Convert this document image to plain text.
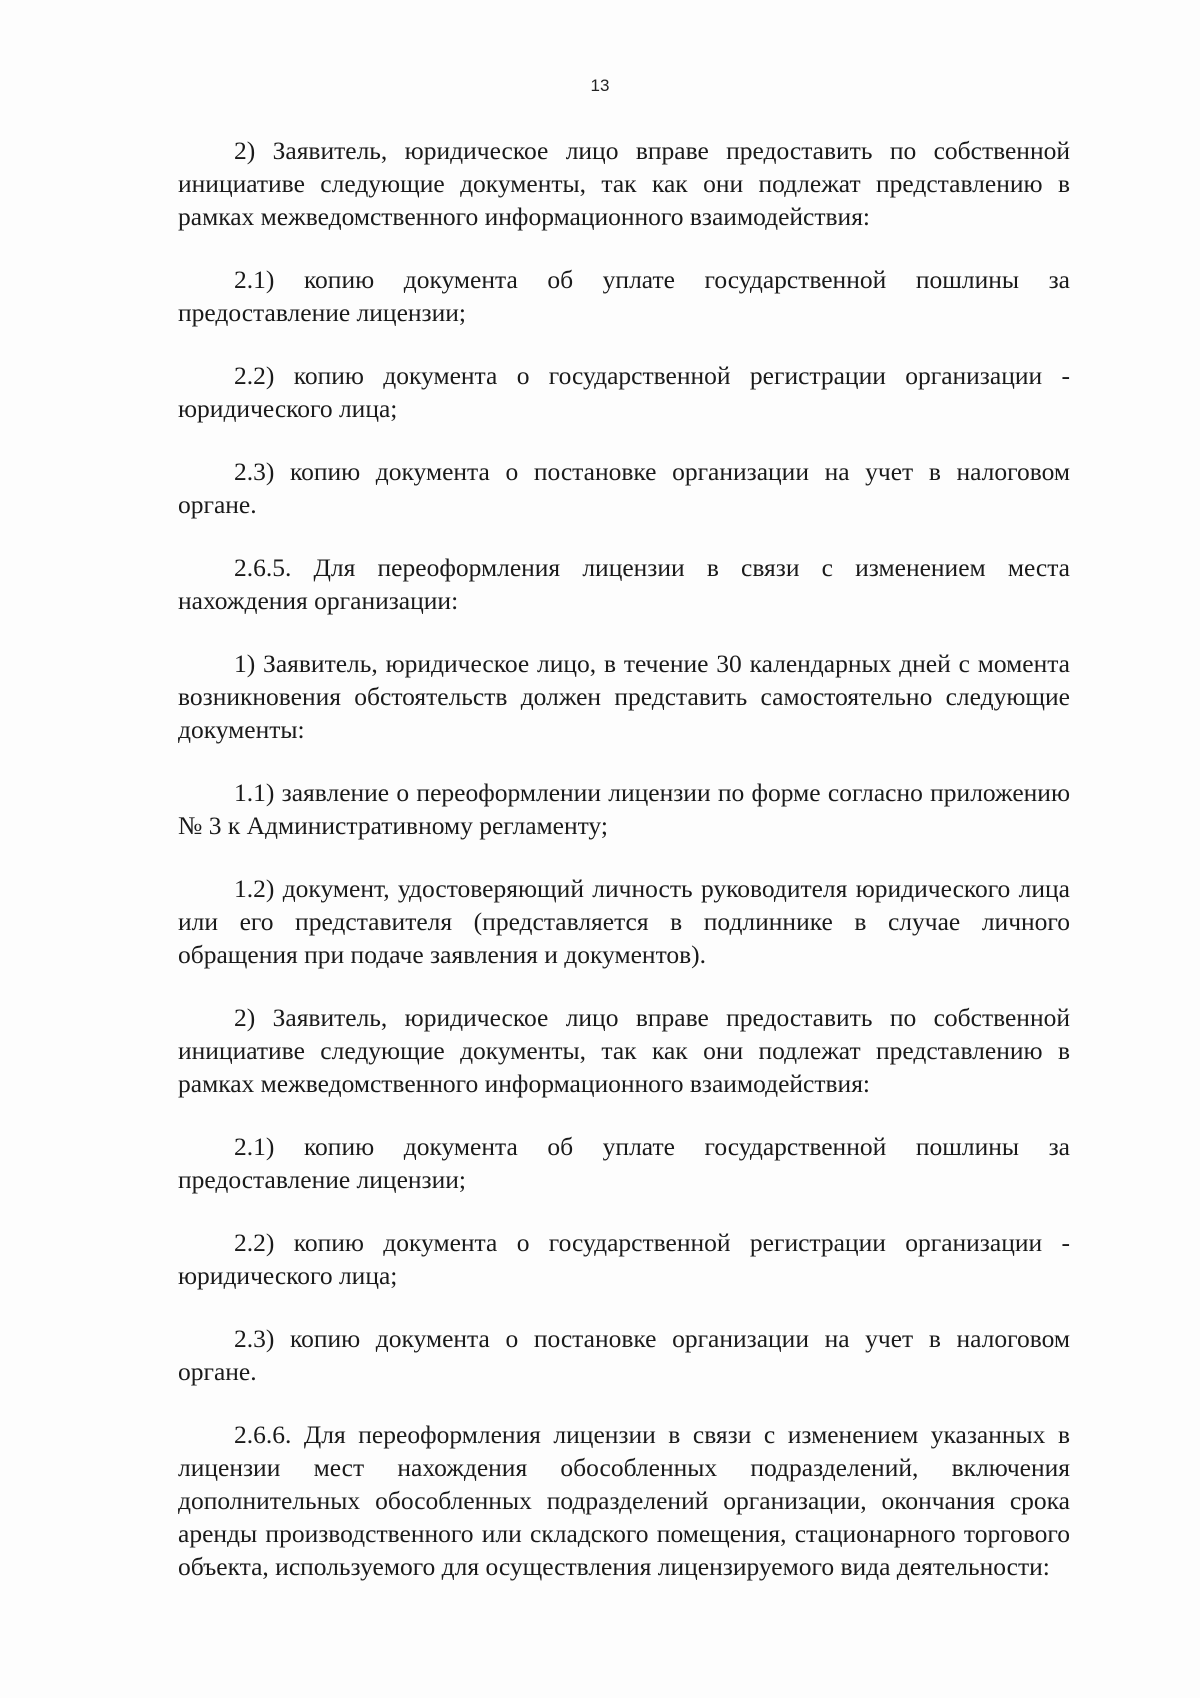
13

2) Заявитель, юридическое лицо вправе предоставить по собственной инициативе следующие документы, так как они подлежат представлению в рамках межведомственного информационного взаимодействия:

2.1) копию документа об уплате государственной пошлины за предоставление лицензии;

2.2) копию документа о государственной регистрации организации - юридического лица;

2.3) копию документа о постановке организации на учет в налоговом органе.

2.6.5. Для переоформления лицензии в связи с изменением места нахождения организации:

1) Заявитель, юридическое лицо, в течение 30 календарных дней с момента возникновения обстоятельств должен представить самостоятельно следующие документы:

1.1) заявление о переоформлении лицензии по форме согласно приложению № 3 к Административному регламенту;

1.2) документ, удостоверяющий личность руководителя юридического лица или его представителя (представляется в подлиннике в случае личного обращения при подаче заявления и документов).

2) Заявитель, юридическое лицо вправе предоставить по собственной инициативе следующие документы, так как они подлежат представлению в рамках межведомственного информационного взаимодействия:

2.1) копию документа об уплате государственной пошлины за предоставление лицензии;

2.2) копию документа о государственной регистрации организации - юридического лица;

2.3) копию документа о постановке организации на учет в налоговом органе.

2.6.6. Для переоформления лицензии в связи с изменением указанных в лицензии мест нахождения обособленных подразделений, включения дополнительных обособленных подразделений организации, окончания срока аренды производственного или складского помещения, стационарного торгового объекта, используемого для осуществления лицензируемого вида деятельности:
